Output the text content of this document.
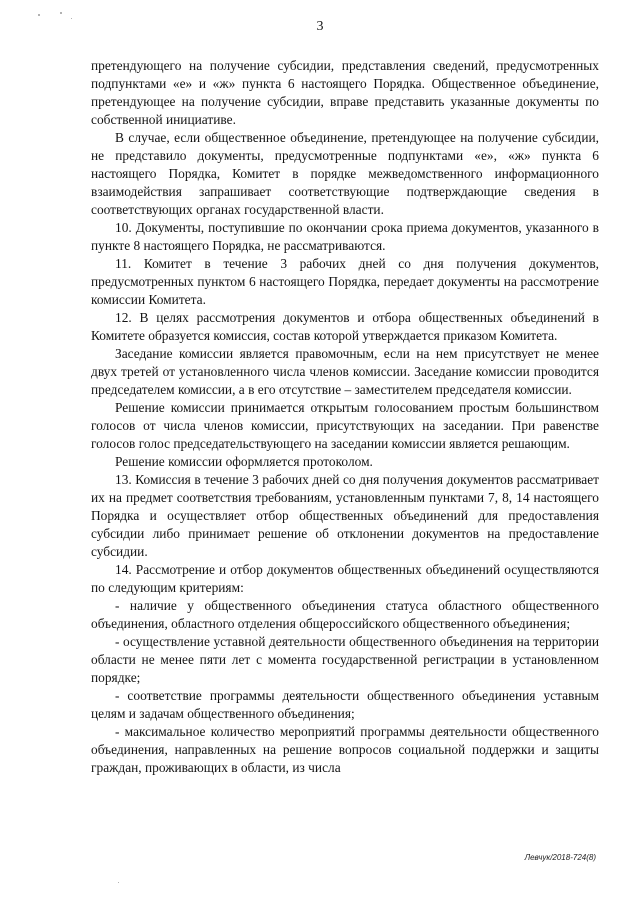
3

претендующего на получение субсидии, представления сведений, предусмотренных подпунктами «е» и «ж» пункта 6 настоящего Порядка. Общественное объединение, претендующее на получение субсидии, вправе представить указанные документы по собственной инициативе.

В случае, если общественное объединение, претендующее на получение субсидии, не представило документы, предусмотренные подпунктами «е», «ж» пункта 6 настоящего Порядка, Комитет в порядке межведомственного информационного взаимодействия запрашивает соответствующие подтверждающие сведения в соответствующих органах государственной власти.

10. Документы, поступившие по окончании срока приема документов, указанного в пункте 8 настоящего Порядка, не рассматриваются.

11. Комитет в течение 3 рабочих дней со дня получения документов, предусмотренных пунктом 6 настоящего Порядка, передает документы на рассмотрение комиссии Комитета.

12. В целях рассмотрения документов и отбора общественных объединений в Комитете образуется комиссия, состав которой утверждается приказом Комитета.

Заседание комиссии является правомочным, если на нем присутствует не менее двух третей от установленного числа членов комиссии. Заседание комиссии проводится председателем комиссии, а в его отсутствие – заместителем председателя комиссии.

Решение комиссии принимается открытым голосованием простым большинством голосов от числа членов комиссии, присутствующих на заседании. При равенстве голосов голос председательствующего на заседании комиссии является решающим.

Решение комиссии оформляется протоколом.

13. Комиссия в течение 3 рабочих дней со дня получения документов рассматривает их на предмет соответствия требованиям, установленным пунктами 7, 8, 14 настоящего Порядка и осуществляет отбор общественных объединений для предоставления субсидии либо принимает решение об отклонении документов на предоставление субсидии.

14. Рассмотрение и отбор документов общественных объединений осуществляются по следующим критериям:

- наличие у общественного объединения статуса областного общественного объединения, областного отделения общероссийского общественного объединения;

- осуществление уставной деятельности общественного объединения на территории области не менее пяти лет с момента государственной регистрации в установленном порядке;

- соответствие программы деятельности общественного объединения уставным целям и задачам общественного объединения;

- максимальное количество мероприятий программы деятельности общественного объединения, направленных на решение вопросов социальной поддержки и защиты граждан, проживающих в области, из числа

Левчук/2018-724(8)
